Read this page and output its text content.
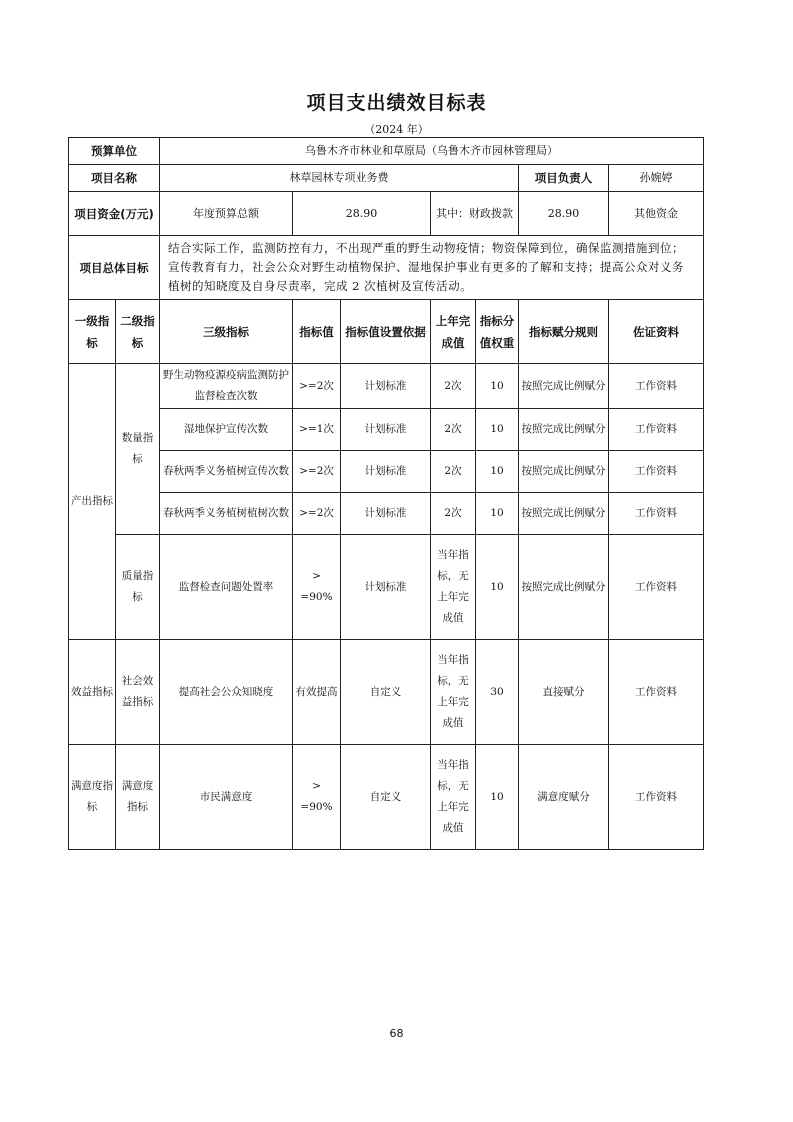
项目支出绩效目标表
（2024 年）
预算单位		乌鲁木齐市林业和草原局（乌鲁木齐市园林管理局）						
项目名称		林草园林专项业务费					项目负责人	孙婉婷
项目资金(万元)		年度预算总额	28.90		其中：财政拨款		28.90	其他资金
项目总体目标		结合实际工作，监测防控有力，不出现严重的野生动物疫情；物资保障到位，确保监测措施到位；宣传教育有力，社会公众对野生动植物保护、湿地保护事业有更多的了解和支持；提高公众对义务植树的知晓度及自身尽责率，完成 2 次植树及宣传活动。						
一级指标	二级指标	三级指标	指标值	指标值设置依据	上年完成值	指标分值权重	指标赋分规则	佐证资料
产出指标	数量指标	野生动物疫源疫病监测防护监督检查次数	>=2次	计划标准	2次	10	按照完成比例赋分	工作资料
		湿地保护宣传次数	>=1次	计划标准	2次	10	按照完成比例赋分	工作资料
		春秋两季义务植树宣传次数	>=2次	计划标准	2次	10	按照完成比例赋分	工作资料
		春秋两季义务植树植树次数	>=2次	计划标准	2次	10	按照完成比例赋分	工作资料
	质量指标	监督检查问题处置率	> =90%	计划标准	当年指标，无上年完成值	10	按照完成比例赋分	工作资料
效益指标	社会效益指标	提高社会公众知晓度	有效提高	自定义	当年指标，无上年完成值	30	直接赋分	工作资料
满意度指标	满意度指标	市民满意度	> =90%	自定义	当年指标，无上年完成值	10	满意度赋分	工作资料
68
